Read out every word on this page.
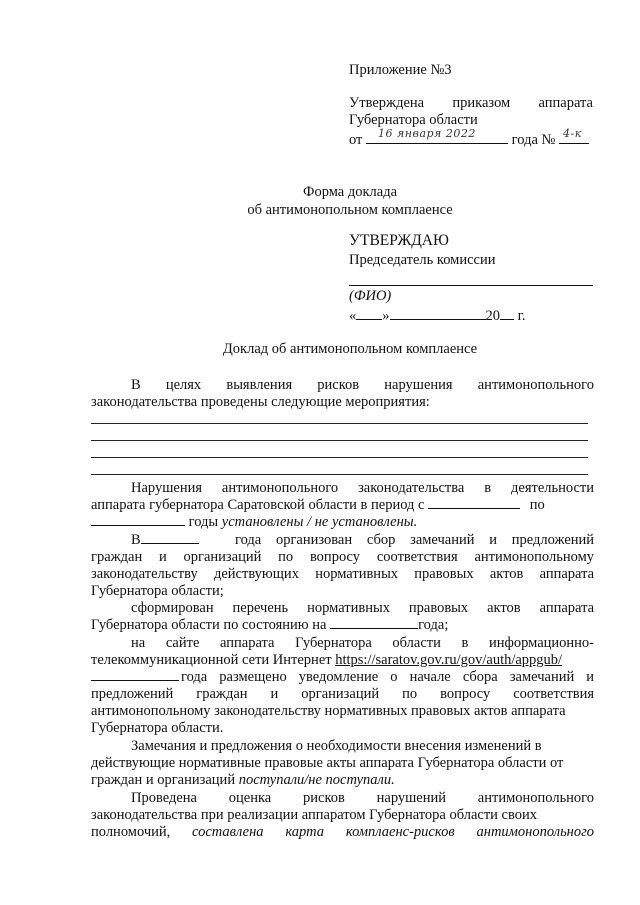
Приложение №3
Утверждена приказом аппарата
Губернатора области
от 16 января 2022 года № 4-к
Форма доклада
об антимонопольном комплаенсе
УТВЕРЖДАЮ
Председатель комиссии
(ФИО)
« »	20 г.
Доклад об антимонопольном комплаенсе
В целях выявления рисков нарушения антимонопольного
законодательства проведены следующие мероприятия:
Нарушения антимонопольного законодательства в деятельности
аппарата губернатора Саратовской области в период с	по
годы установлены / не установлены.
В	года организован сбор замечаний и предложений
граждан и организаций по вопросу соответствия антимонопольному
законодательству действующих нормативных правовых актов аппарата
Губернатора области;
сформирован перечень нормативных правовых актов аппарата
Губернатора области по состоянию на	года;
на сайте аппарата Губернатора области в информационно-
телекоммуникационной сети Интернет https://saratov.gov.ru/gov/auth/appgub/
года размещено уведомление о начале сбора замечаний и
предложений граждан и организаций по вопросу соответствия
антимонопольному законодательству нормативных правовых актов аппарата
Губернатора области.
Замечания и предложения о необходимости внесения изменений в
действующие нормативные правовые акты аппарата Губернатора области от
граждан и организаций поступали/не поступали.
Проведена оценка рисков нарушений антимонопольного
законодательства при реализации аппаратом Губернатора области своих
полномочий, составлена карта комплаенс-рисков антимонопольного
